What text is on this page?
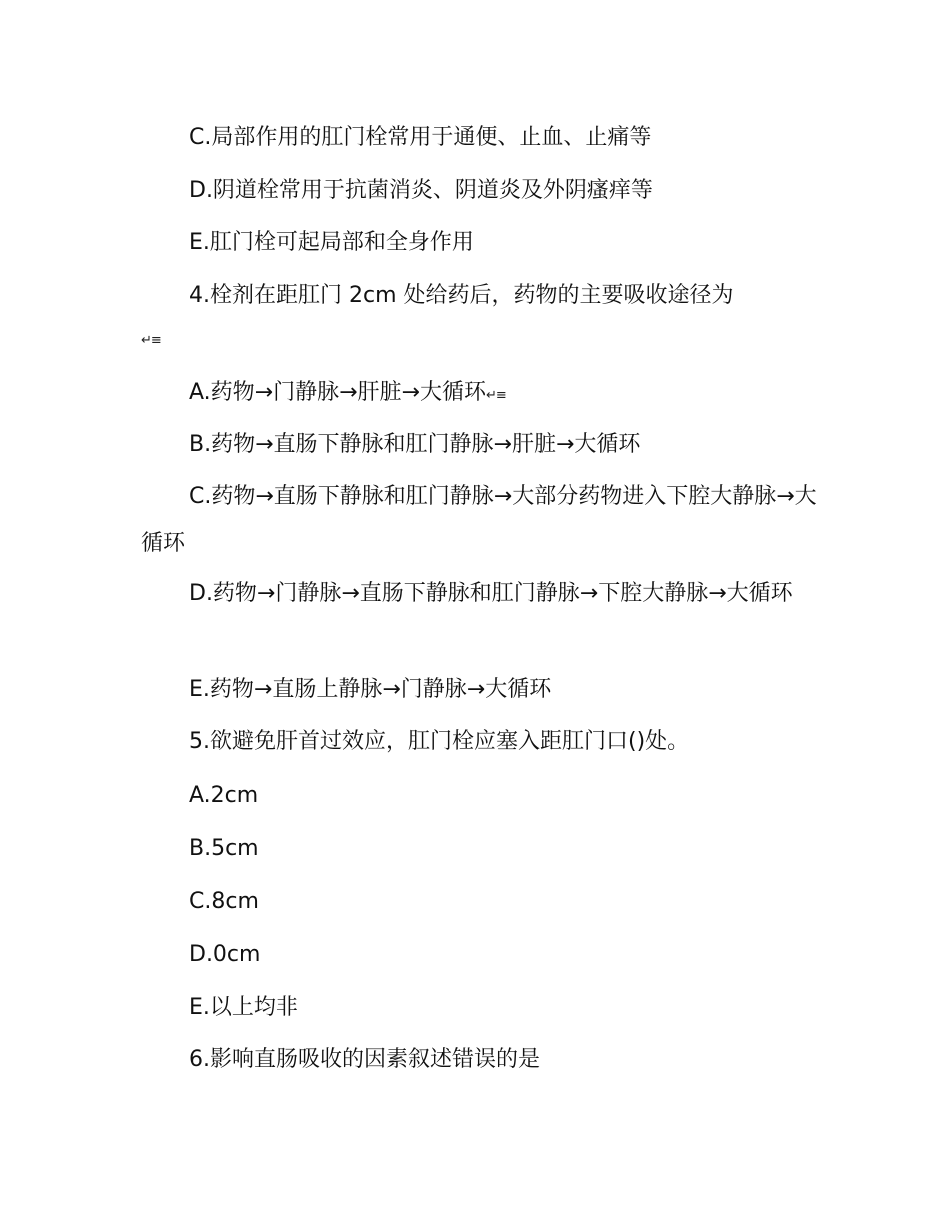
C.局部作用的肛门栓常用于通便、止血、止痛等

D.阴道栓常用于抗菌消炎、阴道炎及外阴瘙痒等

E.肛门栓可起局部和全身作用

4.栓剂在距肛门 2cm 处给药后，药物的主要吸收途径为

↵≡

A.药物→门静脉→肝脏→大循环↵≡

B.药物→直肠下静脉和肛门静脉→肝脏→大循环

C.药物→直肠下静脉和肛门静脉→大部分药物进入下腔大静脉→大循环

D.药物→门静脉→直肠下静脉和肛门静脉→下腔大静脉→大循环

E.药物→直肠上静脉→门静脉→大循环

5.欲避免肝首过效应，肛门栓应塞入距肛门口()处。

A.2cm

B.5cm

C.8cm

D.0cm

E.以上均非

6.影响直肠吸收的因素叙述错误的是
